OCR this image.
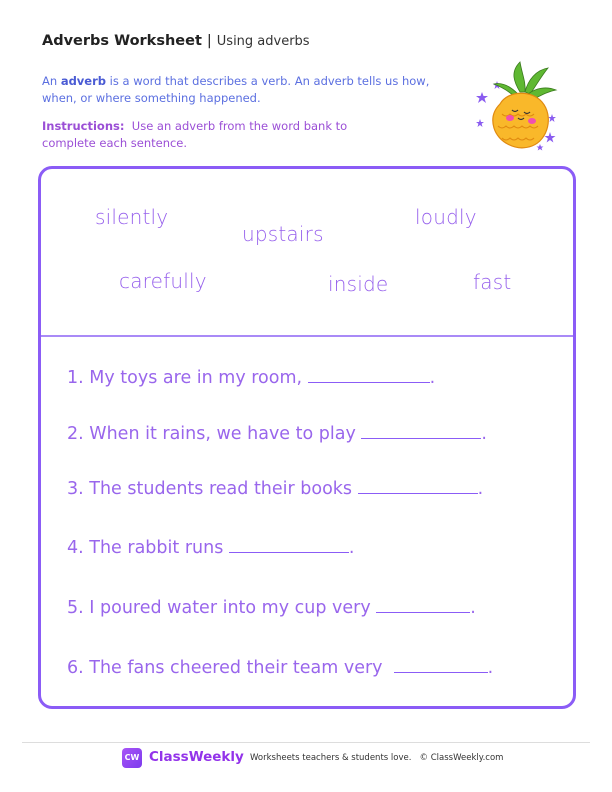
Adverbs Worksheet | Using adverbs
An adverb is a word that describes a verb. An adverb tells us how, when, or where something happened.
Instructions:  Use an adverb from the word bank to complete each sentence.
silently
upstairs
loudly
carefully	inside	fast
1. My toys are in my room,	.
2. When it rains, we have to play	.
3. The students read their books	.
4. The rabbit runs	.
5. I poured water into my cup very	.
6. The fans cheered their team very	.
CW ClassWeekly Worksheets teachers & students love.   © ClassWeekly.com
